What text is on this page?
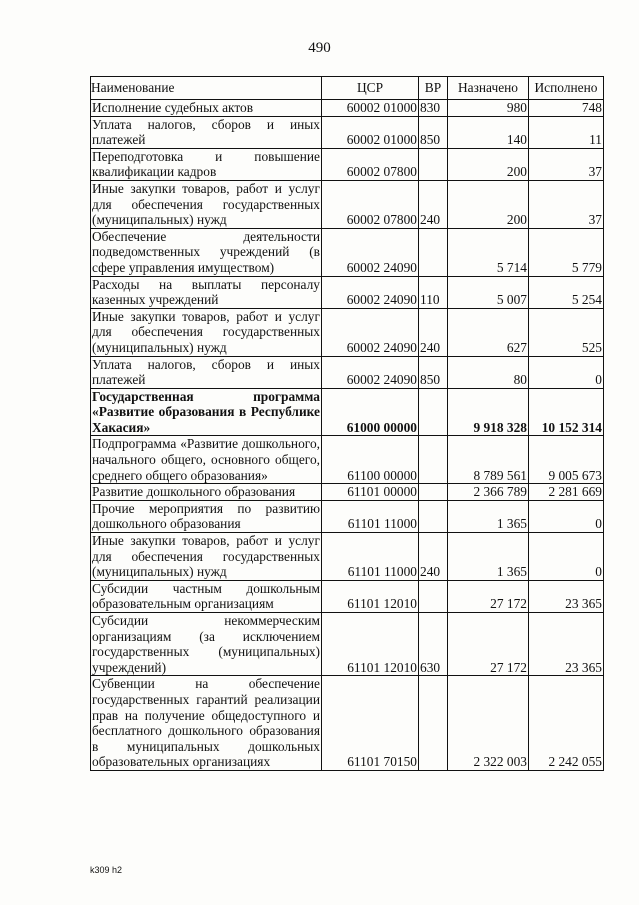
490
Наименование	ЦСР	ВР	Назначено	Исполнено
Исполнение судебных актов	60002 01000	830	980	748
Уплата налогов, сборов и иных платежей	60002 01000	850	140	11
Переподготовка и повышение квалификации кадров	60002 07800		200	37
Иные закупки товаров, работ и услуг для обеспечения государственных (муниципальных) нужд	60002 07800	240	200	37
Обеспечение деятельности подведомственных учреждений (в сфере управления имуществом)	60002 24090		5 714	5 779
Расходы на выплаты персоналу казенных учреждений	60002 24090	110	5 007	5 254
Иные закупки товаров, работ и услуг для обеспечения государственных (муниципальных) нужд	60002 24090	240	627	525
Уплата налогов, сборов и иных платежей	60002 24090	850	80	0
Государственная программа «Развитие образования в Республике Хакасия»	61000 00000		9 918 328	10 152 314
Подпрограмма «Развитие дошкольного, начального общего, основного общего, среднего общего образования»	61100 00000		8 789 561	9 005 673
Развитие дошкольного образования	61101 00000		2 366 789	2 281 669
Прочие мероприятия по развитию дошкольного образования	61101 11000		1 365	0
Иные закупки товаров, работ и услуг для обеспечения государственных (муниципальных) нужд	61101 11000	240	1 365	0
Субсидии частным дошкольным образовательным организациям	61101 12010		27 172	23 365
Субсидии некоммерческим организациям (за исключением государственных (муниципальных) учреждений)	61101 12010	630	27 172	23 365
Субвенции на обеспечение государственных гарантий реализации прав на получение общедоступного и бесплатного дошкольного образования в муниципальных дошкольных образовательных организациях	61101 70150		2 322 003	2 242 055
k309 h2
